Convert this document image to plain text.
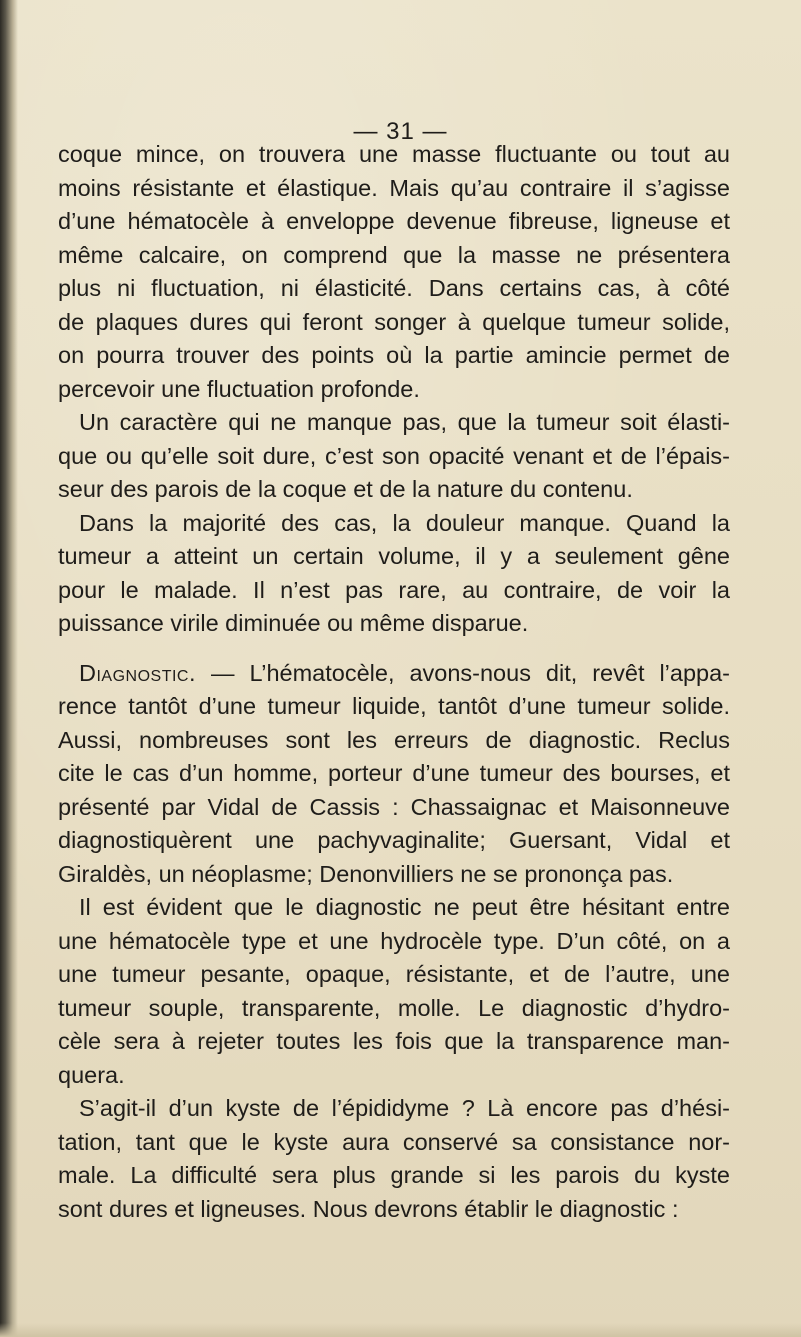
— 31 —
coque mince, on trouvera une masse fluctuante ou tout au
moins résistante et élastique. Mais qu’au contraire il s’agisse
d’une hématocèle à enveloppe devenue fibreuse, ligneuse et
même calcaire, on comprend que la masse ne présentera
plus ni fluctuation, ni élasticité. Dans certains cas, à côté
de plaques dures qui feront songer à quelque tumeur solide,
on pourra trouver des points où la partie amincie permet de
percevoir une fluctuation profonde.
Un caractère qui ne manque pas, que la tumeur soit élasti-
que ou qu’elle soit dure, c’est son opacité venant et de l’épais-
seur des parois de la coque et de la nature du contenu.
Dans la majorité des cas, la douleur manque. Quand la
tumeur a atteint un certain volume, il y a seulement gêne
pour le malade. Il n’est pas rare, au contraire, de voir la
puissance virile diminuée ou même disparue.
Diagnostic. — L’hématocèle, avons-nous dit, revêt l’appa-
rence tantôt d’une tumeur liquide, tantôt d’une tumeur solide.
Aussi, nombreuses sont les erreurs de diagnostic. Reclus
cite le cas d’un homme, porteur d’une tumeur des bourses, et
présenté par Vidal de Cassis : Chassaignac et Maisonneuve
diagnostiquèrent une pachyvaginalite; Guersant, Vidal et
Giraldès, un néoplasme; Denonvilliers ne se prononça pas.
Il est évident que le diagnostic ne peut être hésitant entre
une hématocèle type et une hydrocèle type. D’un côté, on a
une tumeur pesante, opaque, résistante, et de l’autre, une
tumeur souple, transparente, molle. Le diagnostic d’hydro-
cèle sera à rejeter toutes les fois que la transparence man-
quera.
S’agit-il d’un kyste de l’épididyme ? Là encore pas d’hési-
tation, tant que le kyste aura conservé sa consistance nor-
male. La difficulté sera plus grande si les parois du kyste
sont dures et ligneuses. Nous devrons établir le diagnostic :
